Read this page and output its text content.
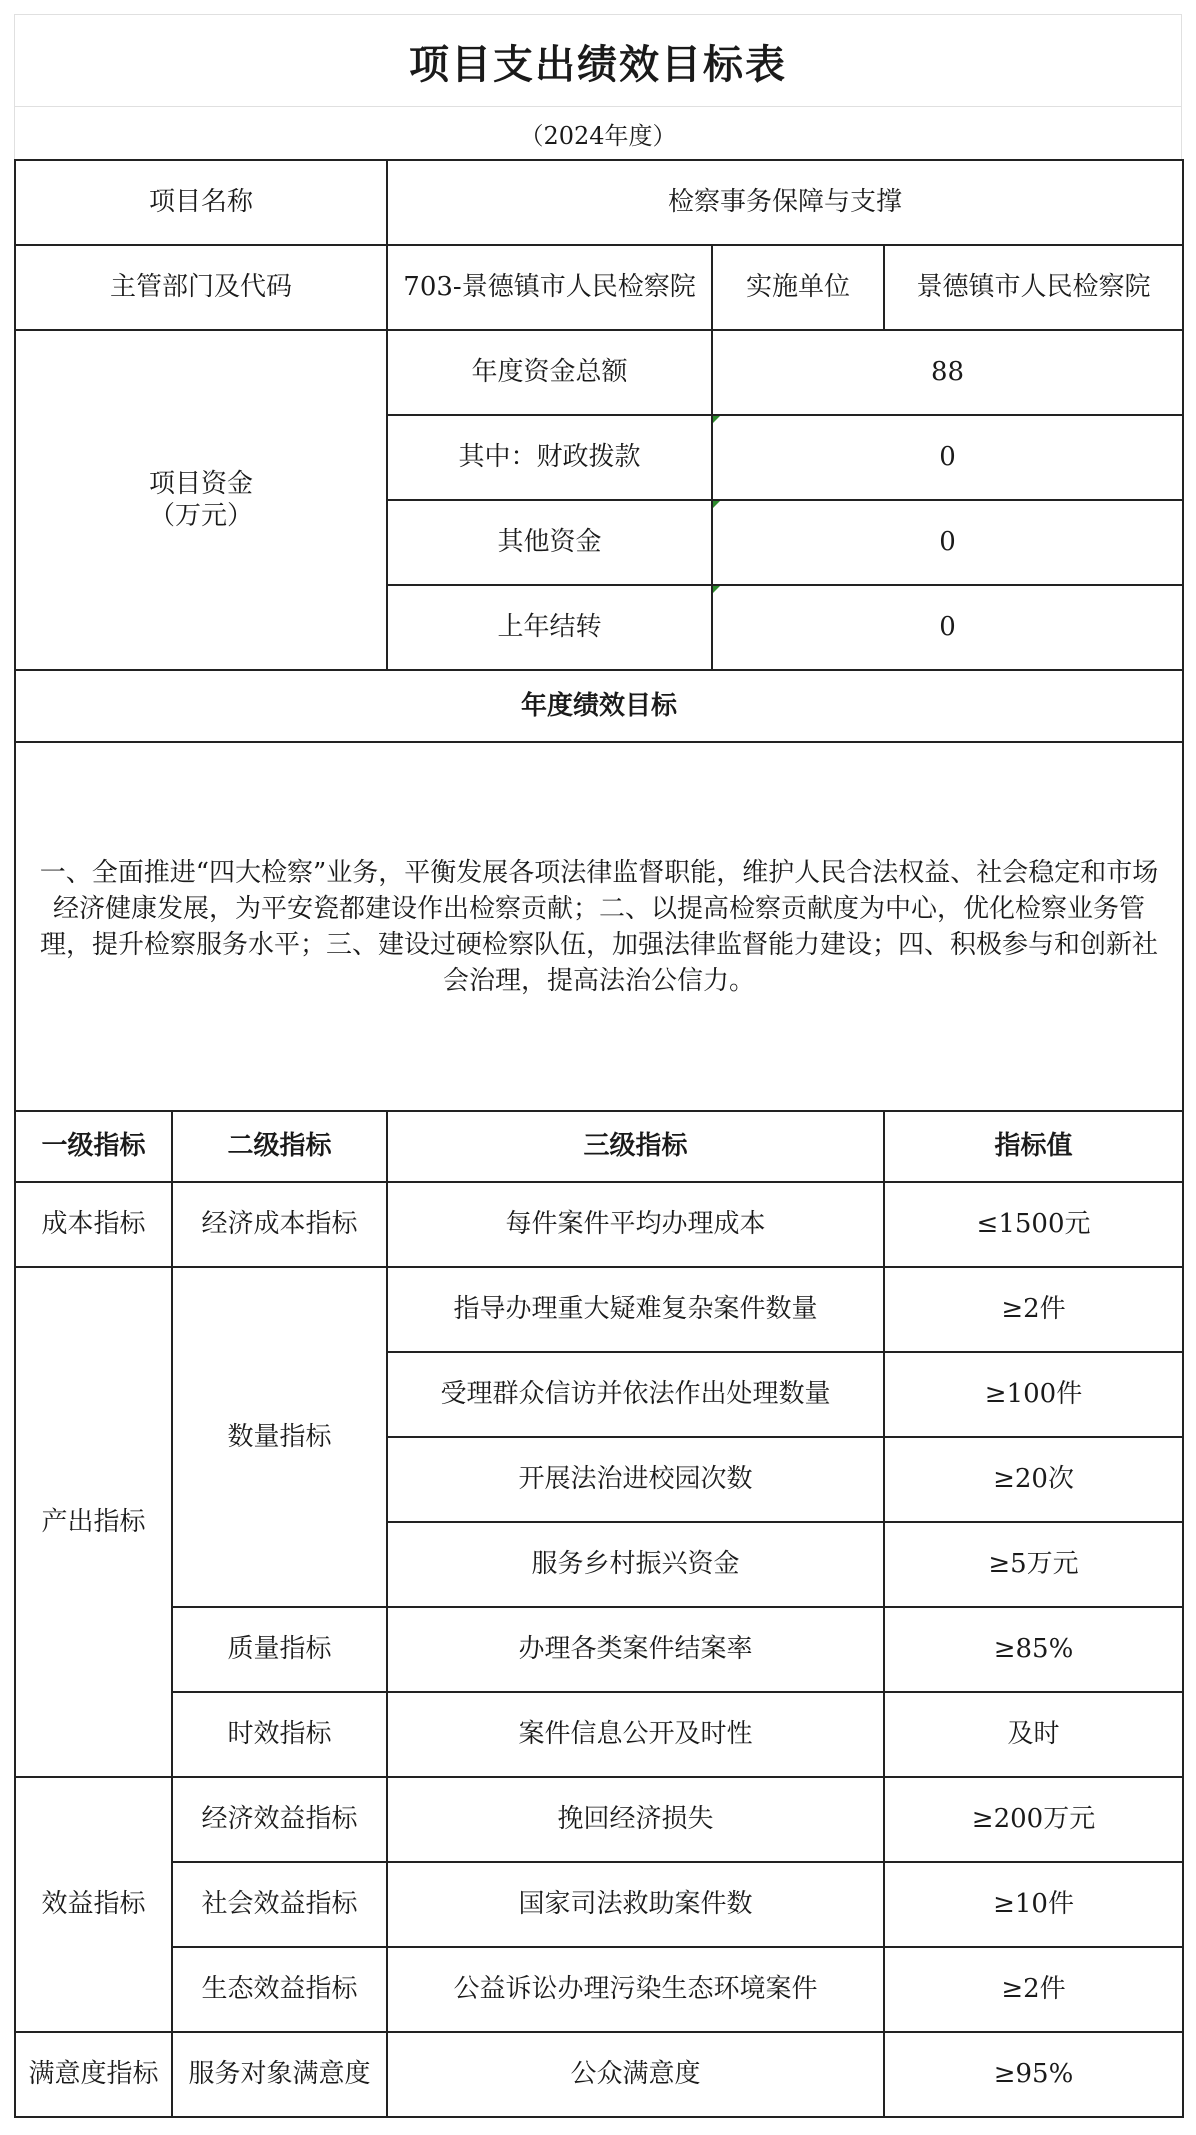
项目支出绩效目标表
（2024年度）
项目名称		检察事务保障与支撑		
主管部门及代码		703-景德镇市人民检察院	实施单位	景德镇市人民检察院

项目资金
（万元）		年度资金总额	88	
		其中：财政拨款	0	
		其他资金	0	
		上年结转	0	
年度绩效目标				
一、全面推进“四大检察”业务，平衡发展各项法律监督职能，维护人民合法权益、社会稳定和市场经济健康发展，为平安瓷都建设作出检察贡献；二、以提高检察贡献度为中心，优化检察业务管理，提升检察服务水平；三、建设过硬检察队伍，加强法律监督能力建设；四、积极参与和创新社会治理，提高法治公信力。				
一级指标	二级指标	三级指标		指标值
成本指标	经济成本指标	每件案件平均办理成本		≤1500元
产出指标	数量指标	指导办理重大疑难复杂案件数量		≥2件
		受理群众信访并依法作出处理数量		≥100件
		开展法治进校园次数		≥20次
		服务乡村振兴资金		≥5万元
	质量指标	办理各类案件结案率		≥85%
	时效指标	案件信息公开及时性		及时
效益指标	经济效益指标	挽回经济损失		≥200万元
	社会效益指标	国家司法救助案件数		≥10件
	生态效益指标	公益诉讼办理污染生态环境案件		≥2件
满意度指标	服务对象满意度	公众满意度		≥95%
